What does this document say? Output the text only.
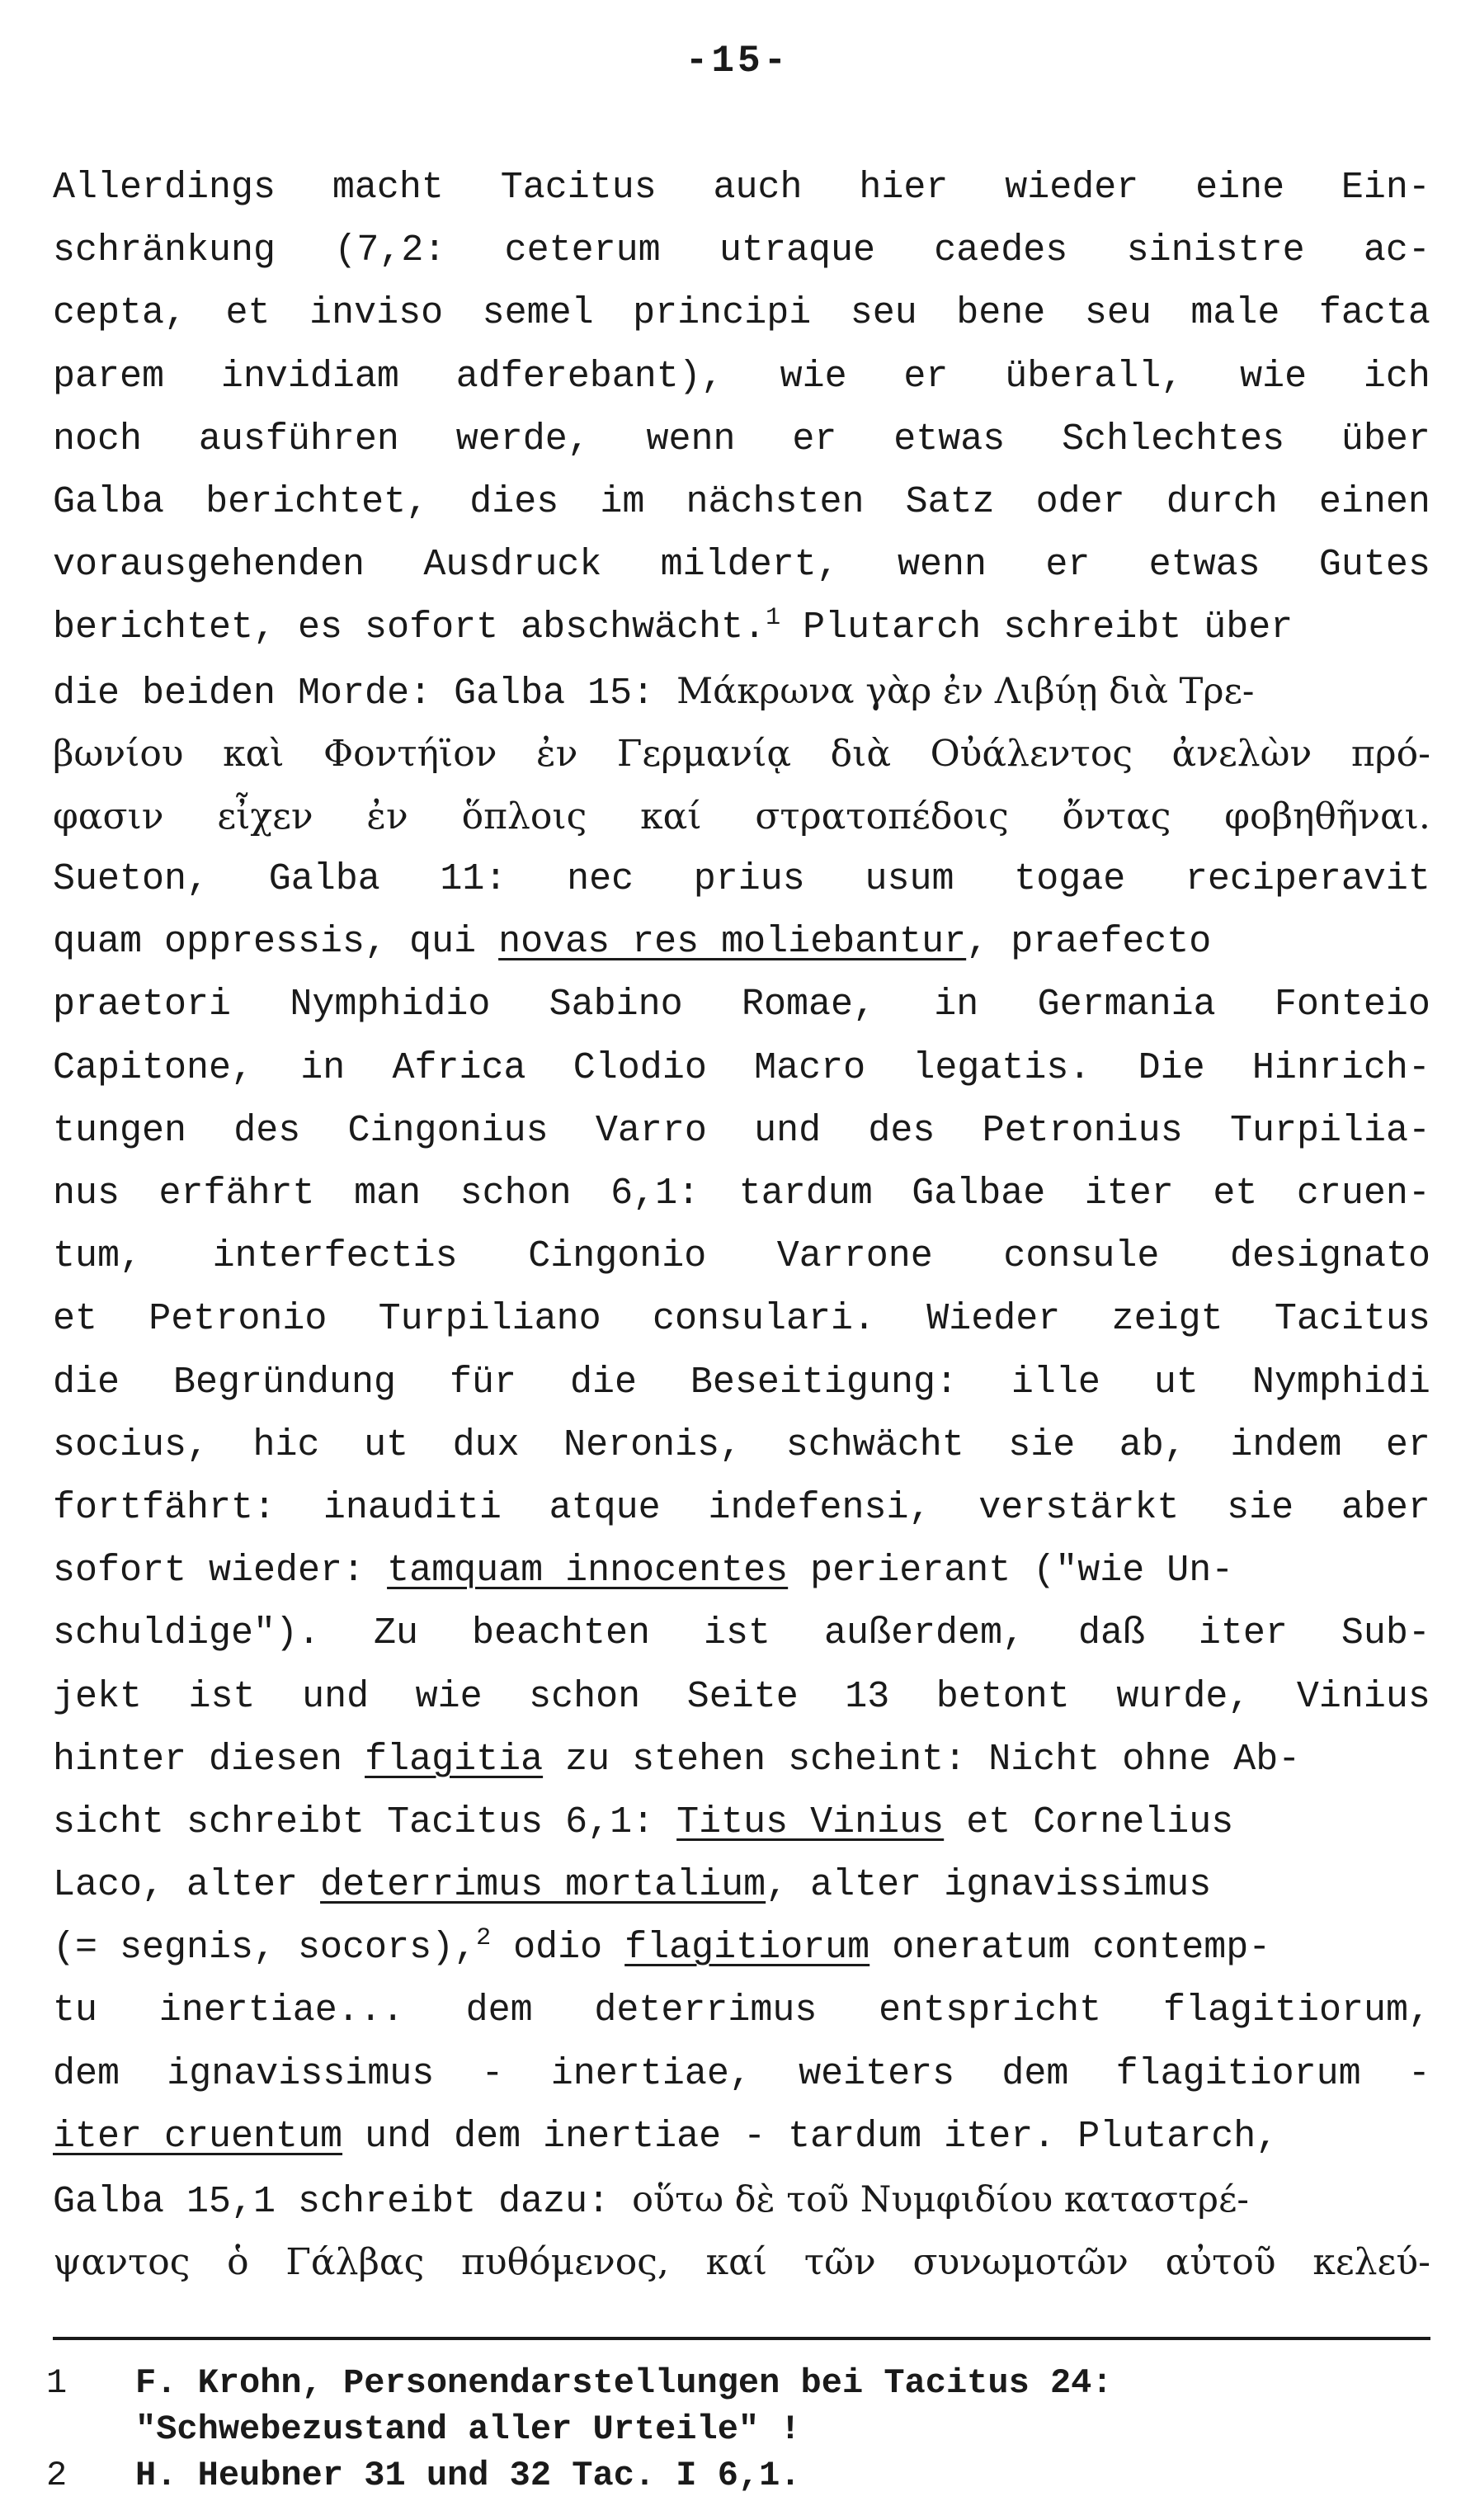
-15-
Allerdings macht Tacitus auch hier wieder eine Ein-
schränkung (7,2: ceterum utraque caedes sinistre ac-
cepta, et inviso semel principi seu bene seu male facta
parem invidiam adferebant), wie er überall, wie ich
noch ausführen werde, wenn er etwas Schlechtes über
Galba berichtet, dies im nächsten Satz oder durch einen
vorausgehenden Ausdruck mildert, wenn er etwas Gutes
berichtet, es sofort abschwächt.$^1$ Plutarch schreibt über
die beiden Morde: Galba 15: Μάκρωνα γὰρ ἐν Λιβύῃ διὰ Τρε-
βωνίου καὶ Φοντήϊον ἐν Γερμανίᾳ διὰ Οὐάλεντος ἀνελὼν πρό-
φασιν εἶχεν ἐν ὅπλοις καί στρατοπέδοις ὄντας φοβηθῆναι.
Sueton, Galba 11: nec prius usum togae reciperavit
quam oppressis, qui novas res moliebantur, praefecto
praetori Nymphidio Sabino Romae, in Germania Fonteio
Capitone, in Africa Clodio Macro legatis. Die Hinrich-
tungen des Cingonius Varro und des Petronius Turpilia-
nus erfährt man schon 6,1: tardum Galbae iter et cruen-
tum, interfectis Cingonio Varrone consule designato
et Petronio Turpiliano consulari. Wieder zeigt Tacitus
die Begründung für die Beseitigung: ille ut Nymphidi
socius, hic ut dux Neronis, schwächt sie ab, indem er
fortfährt: inauditi atque indefensi, verstärkt sie aber
sofort wieder: tamquam innocentes perierant ("wie Un-
schuldige"). Zu beachten ist außerdem, daß iter Sub-
jekt ist und wie schon Seite 13 betont wurde, Vinius
hinter diesen flagitia zu stehen scheint: Nicht ohne Ab-
sicht schreibt Tacitus 6,1: Titus Vinius et Cornelius
Laco, alter deterrimus mortalium, alter ignavissimus
(= segnis, socors),$^2$ odio flagitiorum oneratum contemp-
tu inertiae... dem deterrimus entspricht flagitiorum,
dem ignavissimus - inertiae, weiters dem flagitiorum -
iter cruentum und dem inertiae - tardum iter. Plutarch,
Galba 15,1 schreibt dazu: οὕτω δὲ τοῦ Νυμφιδίου καταστρέ-
ψαντος ὁ Γάλβας πυθόμενος, καί τῶν συνωμοτῶν αὐτοῦ κελεύ-
1	F. Krohn, Personendarstellungen bei Tacitus 24:
"Schwebezustand aller Urteile" !
2	H. Heubner 31 und 32 Tac. I 6,1.
